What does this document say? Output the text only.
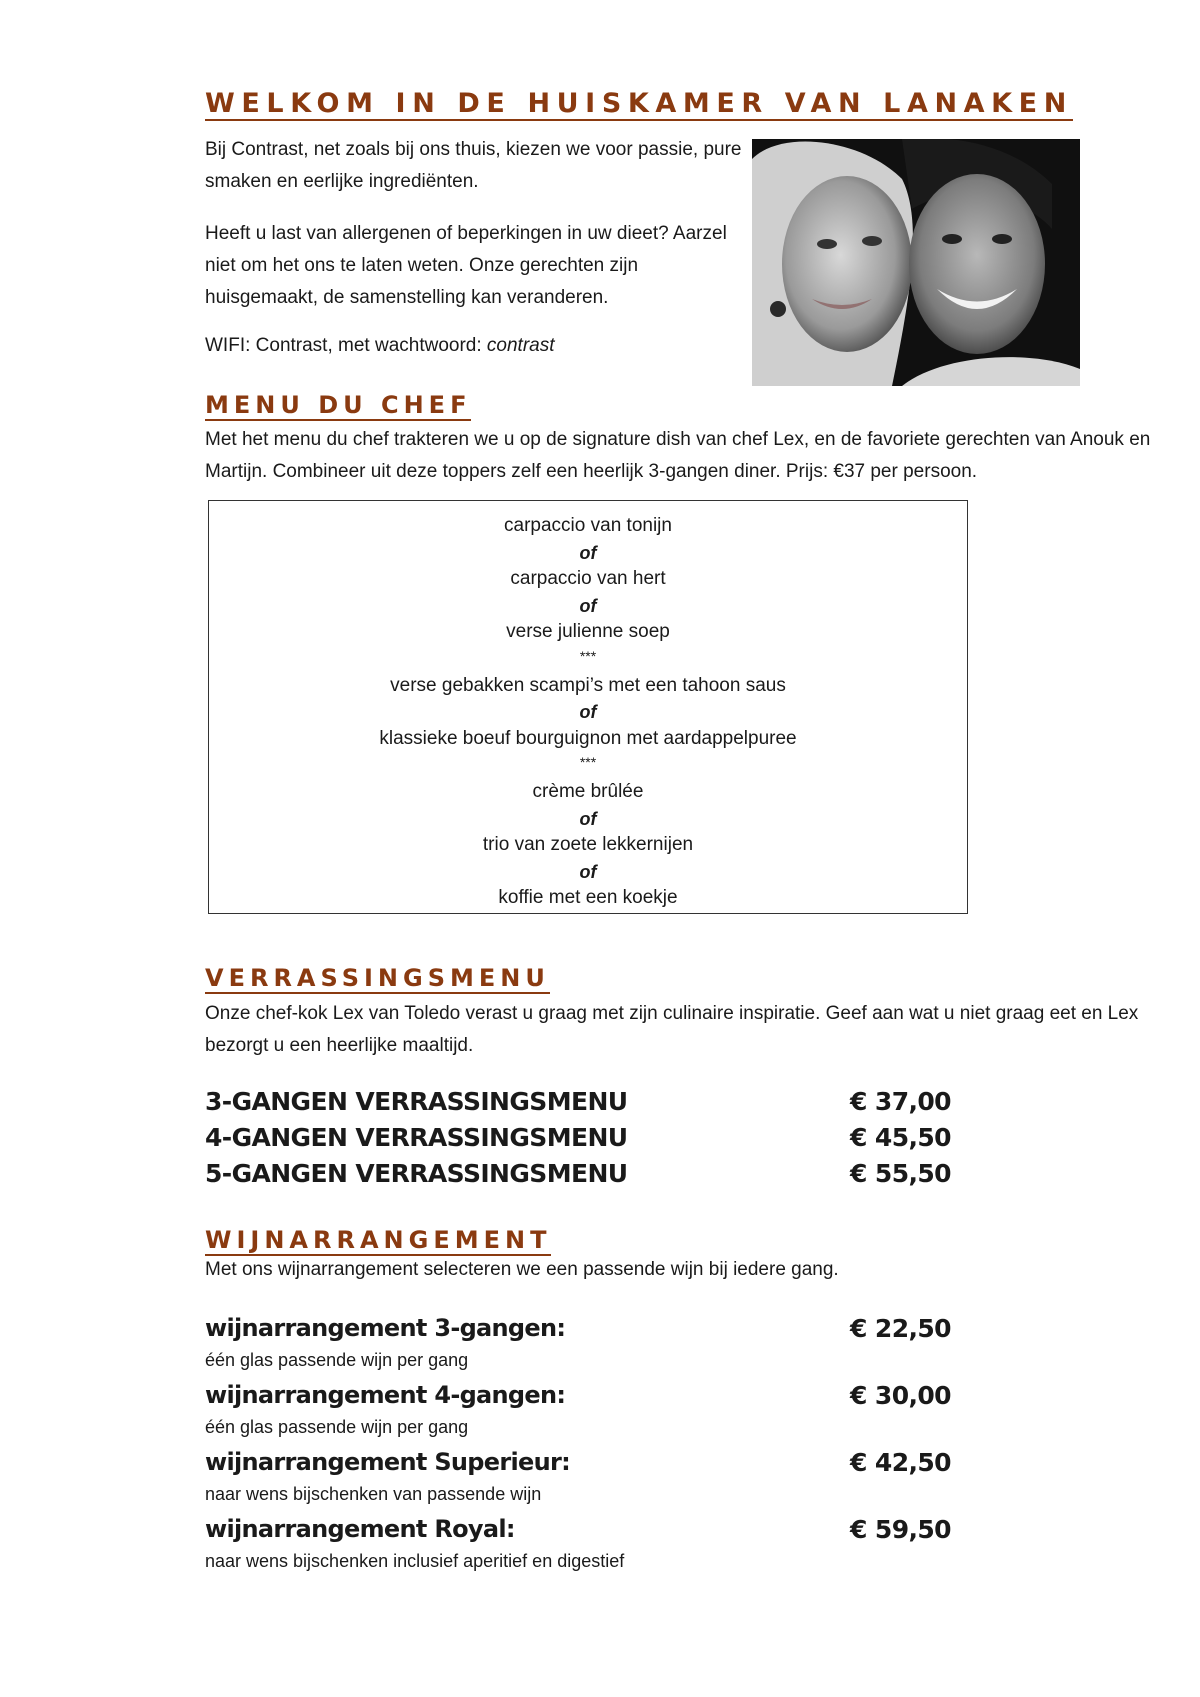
WELKOM IN DE HUISKAMER VAN LANAKEN

Bij Contrast, net zoals bij ons thuis, kiezen we voor passie, pure smaken en eerlijke ingrediënten.

Heeft u last van allergenen of beperkingen in uw dieet? Aarzel niet om het ons te laten weten. Onze gerechten zijn huisgemaakt, de samenstelling kan veranderen.

WIFI: Contrast, met wachtwoord: contrast

MENU DU CHEF

Met het menu du chef trakteren we u op de signature dish van chef Lex, en de favoriete gerechten van Anouk en Martijn. Combineer uit deze toppers zelf een heerlijk 3-gangen diner. Prijs: €37 per persoon.

carpaccio van tonijn
of
carpaccio van hert
of
verse julienne soep
***
verse gebakken scampi’s met een tahoon saus
of
klassieke boeuf bourguignon met aardappelpuree
***
crème brûlée
of
trio van zoete lekkernijen
of
koffie met een koekje
VERRASSINGSMENU

Onze chef-kok Lex van Toledo verast u graag met zijn culinaire inspiratie. Geef aan wat u niet graag eet en Lex bezorgt u een heerlijke maaltijd.

3-GANGEN VERRASSINGSMENU	€ 37,00
4-GANGEN VERRASSINGSMENU	€ 45,50
5-GANGEN VERRASSINGSMENU	€ 55,50
WIJNARRANGEMENT

Met ons wijnarrangement selecteren we een passende wijn bij iedere gang.

wijnarrangement 3-gangen:	€ 22,50
één glas passende wijn per gang
wijnarrangement 4-gangen:	€ 30,00
één glas passende wijn per gang
wijnarrangement Superieur:	€ 42,50
naar wens bijschenken van passende wijn
wijnarrangement Royal:	€ 59,50
naar wens bijschenken inclusief aperitief en digestief
